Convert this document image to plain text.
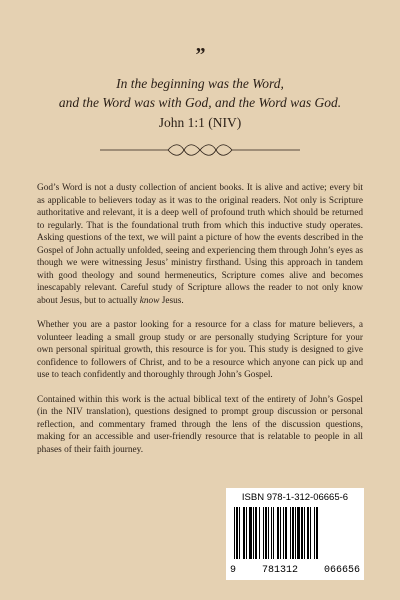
”
In the beginning was the Word,
and the Word was with God, and the Word was God.
John 1:1 (NIV)

God’s Word is not a dusty collection of ancient books. It is alive and active; every bit as applicable to believers today as it was to the original readers. Not only is Scripture authoritative and relevant, it is a deep well of profound truth which should be returned to regularly. That is the foundational truth from which this inductive study operates. Asking questions of the text, we will paint a picture of how the events described in the Gospel of John actually unfolded, seeing and experiencing them through John’s eyes as though we were witnessing Jesus’ ministry firsthand. Using this approach in tandem with good theology and sound hermeneutics, Scripture comes alive and becomes inescapably relevant. Careful study of Scripture allows the reader to not only know about Jesus, but to actually know Jesus.

Whether you are a pastor looking for a resource for a class for mature believers, a volunteer leading a small group study or are personally studying Scripture for your own personal spiritual growth, this resource is for you. This study is designed to give confidence to followers of Christ, and to be a resource which anyone can pick up and use to teach confidently and thoroughly through John’s Gospel.

Contained within this work is the actual biblical text of the entirety of John’s Gospel (in the NIV translation), questions designed to prompt group discussion or personal reflection, and commentary framed through the lens of the discussion questions, making for an accessible and user-friendly resource that is relatable to people in all phases of their faith journey.

ISBN 978-1-312-06665-6
9	781312	066656
